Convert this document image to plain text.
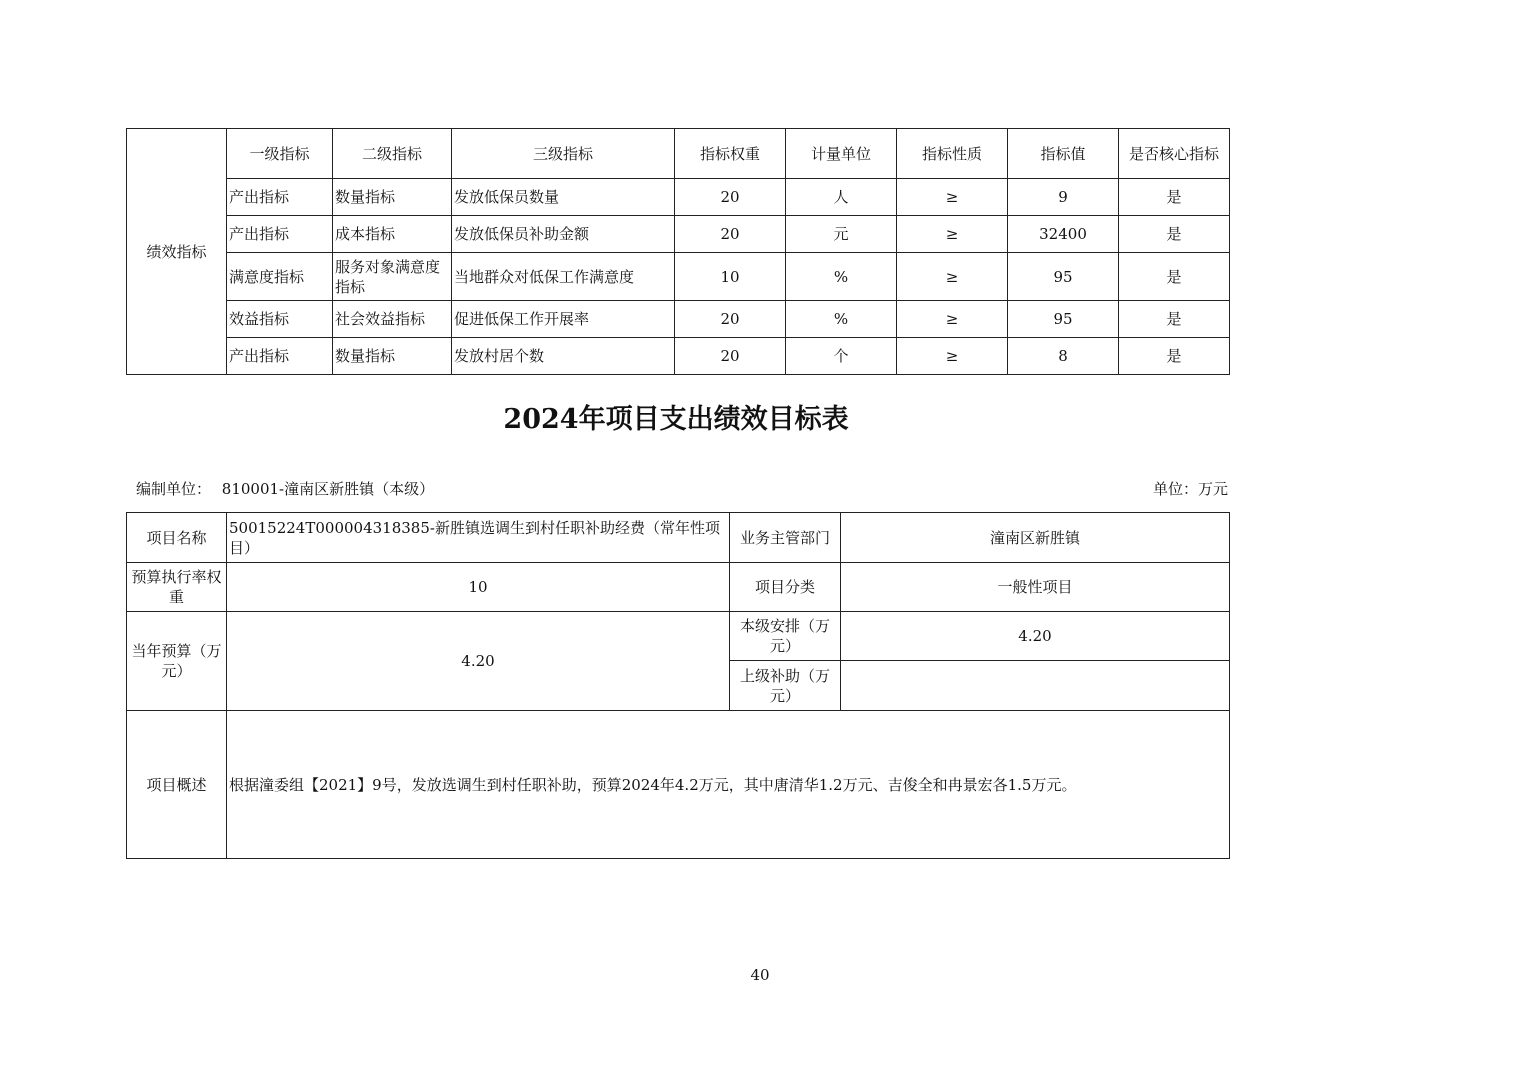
绩效指标	一级指标	二级指标	三级指标	指标权重	计量单位	指标性质	指标值	是否核心指标
	产出指标	数量指标	发放低保员数量	20	人	≥	9	是
	产出指标	成本指标	发放低保员补助金额	20	元	≥	32400	是
	满意度指标	服务对象满意度指标	当地群众对低保工作满意度	10	%	≥	95	是
	效益指标	社会效益指标	促进低保工作开展率	20	%	≥	95	是
	产出指标	数量指标	发放村居个数	20	个	≥	8	是
2024年项目支出绩效目标表
编制单位： 810001-潼南区新胜镇（本级）	单位：万元
项目名称	50015224T000004318385-新胜镇选调生到村任职补助经费（常年性项目）	业务主管部门	潼南区新胜镇
预算执行率权重	10	项目分类	一般性项目
当年预算（万元）	4.20	本级安排（万元）	4.20
		上级补助（万元）	
项目概述	根据潼委组【2021】9号，发放选调生到村任职补助，预算2024年4.2万元，其中唐清华1.2万元、吉俊全和冉景宏各1.5万元。		
40
